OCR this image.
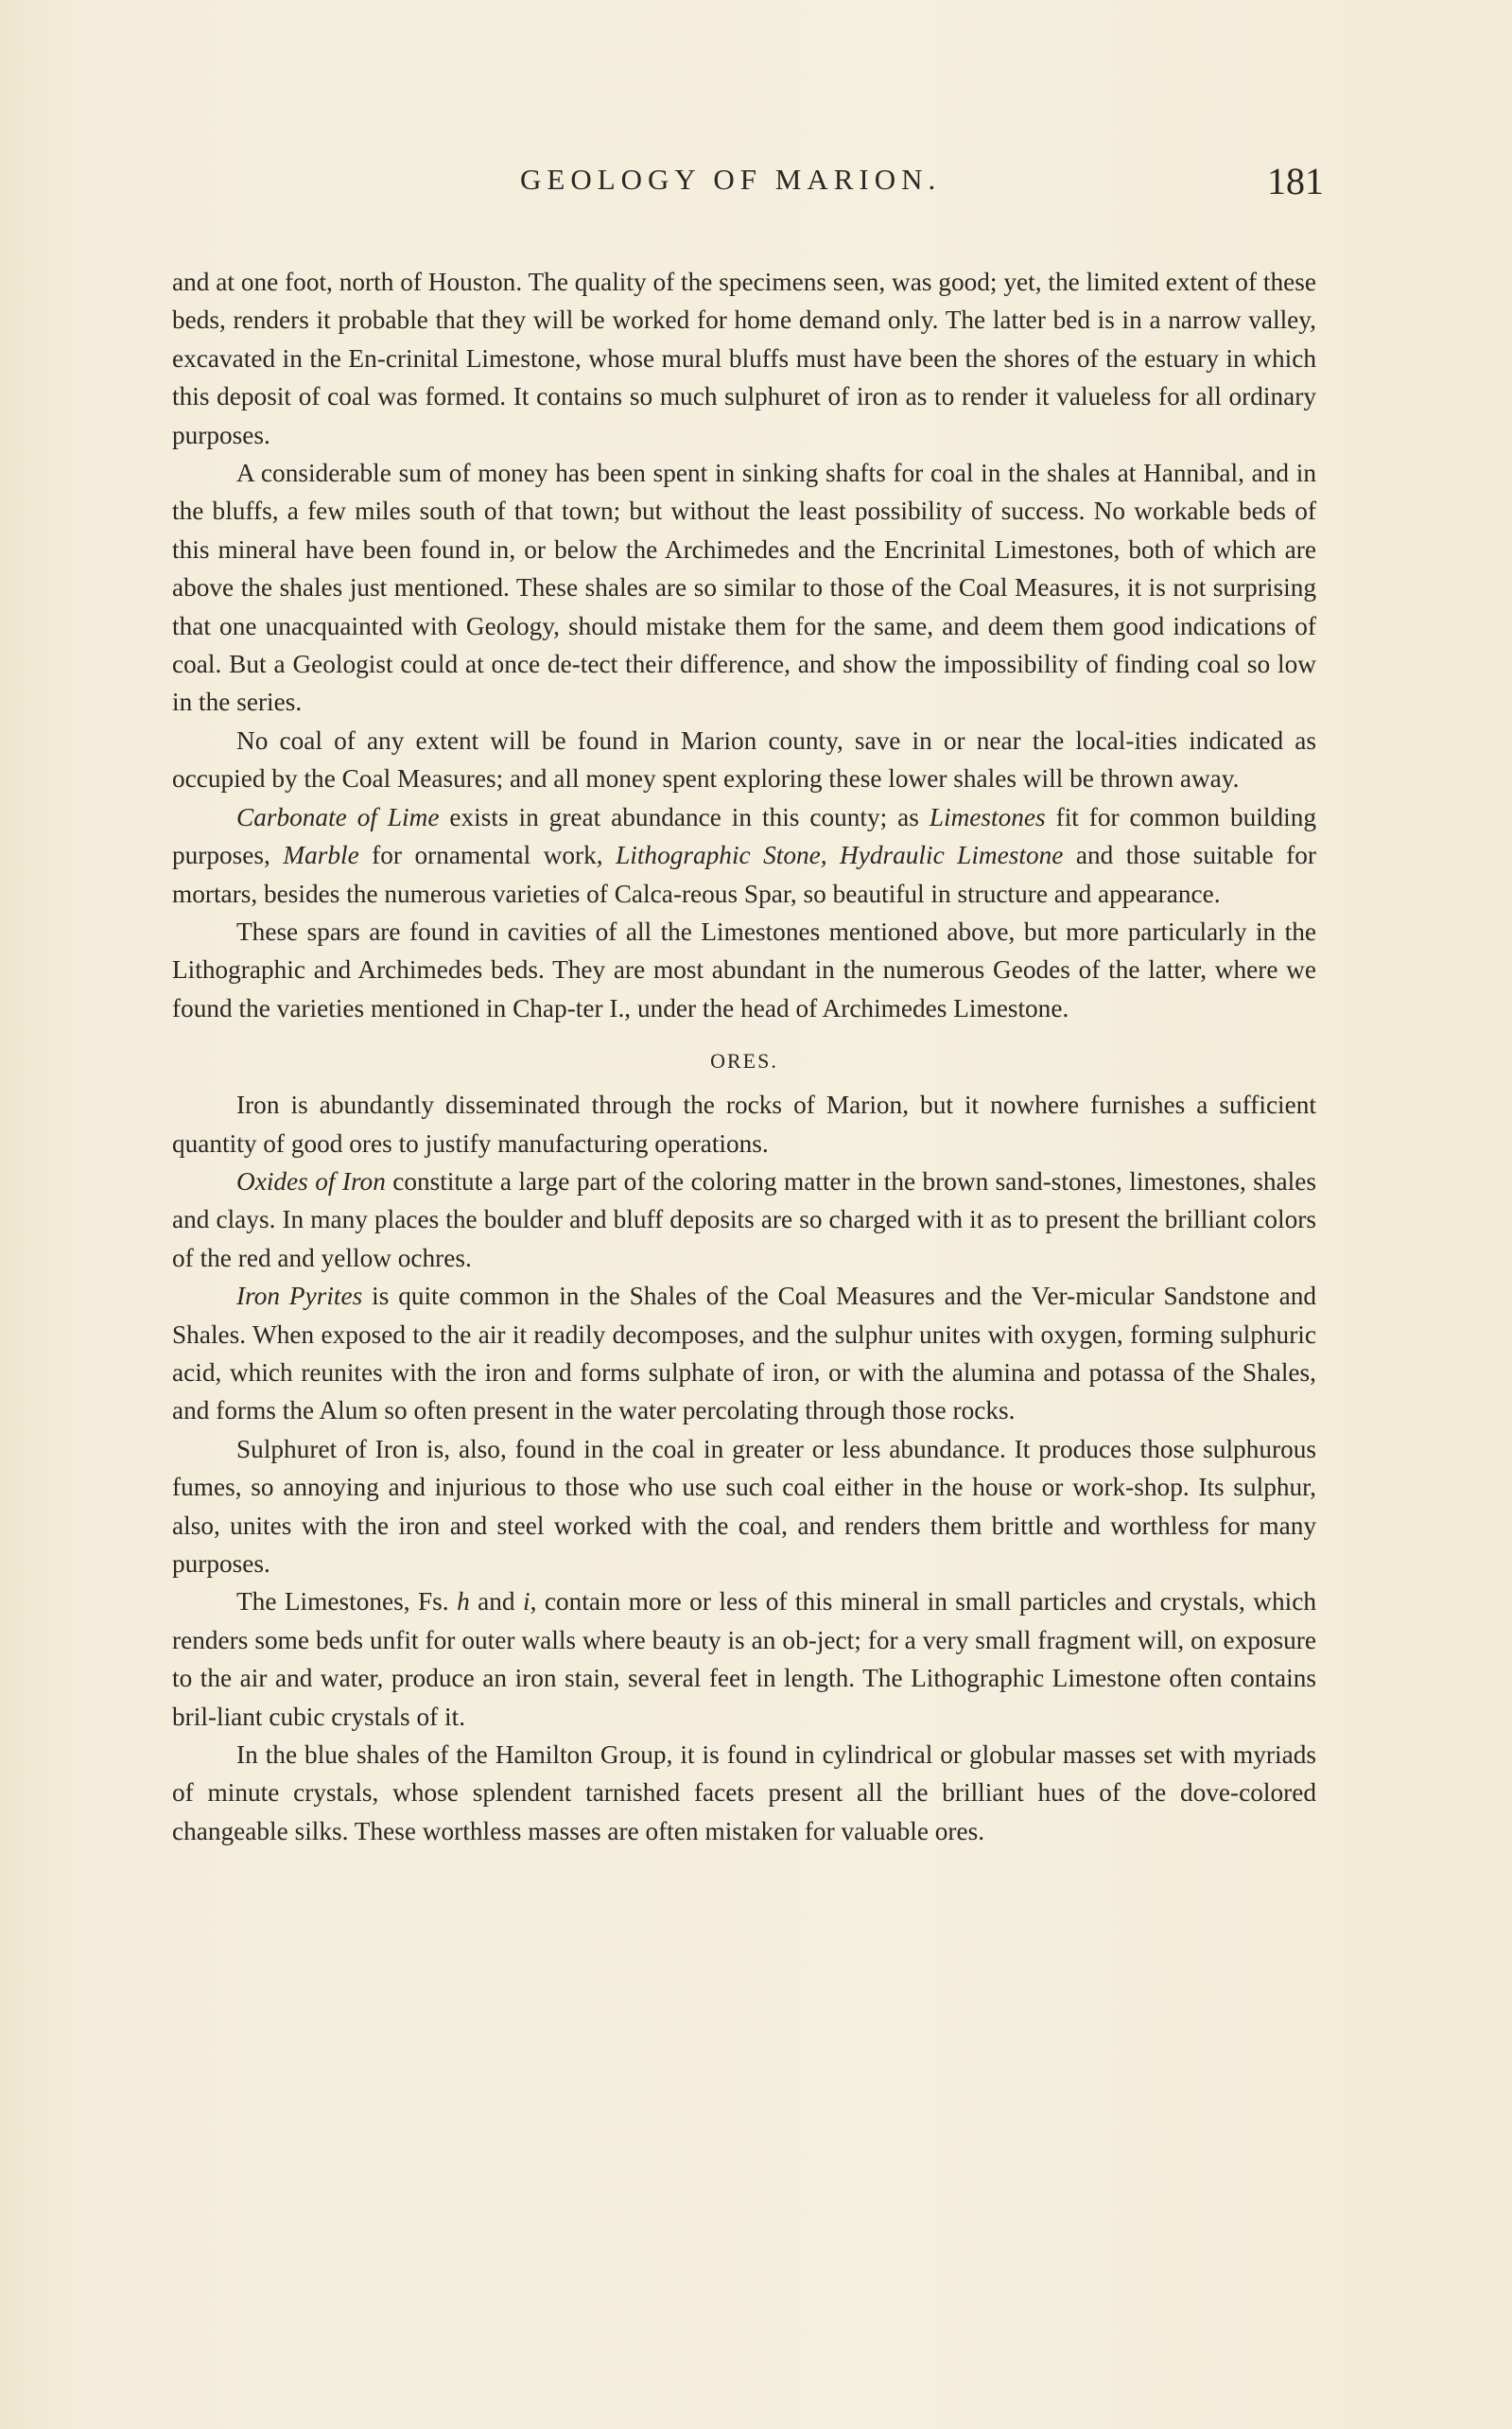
GEOLOGY OF MARION.	181

and at one foot, north of Houston. The quality of the specimens seen, was good; yet, the limited extent of these beds, renders it probable that they will be worked for home demand only. The latter bed is in a narrow valley, excavated in the En-crinital Limestone, whose mural bluffs must have been the shores of the estuary in which this deposit of coal was formed. It contains so much sulphuret of iron as to render it valueless for all ordinary purposes.

A considerable sum of money has been spent in sinking shafts for coal in the shales at Hannibal, and in the bluffs, a few miles south of that town; but without the least possibility of success. No workable beds of this mineral have been found in, or below the Archimedes and the Encrinital Limestones, both of which are above the shales just mentioned. These shales are so similar to those of the Coal Measures, it is not surprising that one unacquainted with Geology, should mistake them for the same, and deem them good indications of coal. But a Geologist could at once de-tect their difference, and show the impossibility of finding coal so low in the series.

No coal of any extent will be found in Marion county, save in or near the local-ities indicated as occupied by the Coal Measures; and all money spent exploring these lower shales will be thrown away.

Carbonate of Lime exists in great abundance in this county; as Limestones fit for common building purposes, Marble for ornamental work, Lithographic Stone, Hydraulic Limestone and those suitable for mortars, besides the numerous varieties of Calca-reous Spar, so beautiful in structure and appearance.

These spars are found in cavities of all the Limestones mentioned above, but more particularly in the Lithographic and Archimedes beds. They are most abundant in the numerous Geodes of the latter, where we found the varieties mentioned in Chap-ter I., under the head of Archimedes Limestone.

ORES.

Iron is abundantly disseminated through the rocks of Marion, but it nowhere furnishes a sufficient quantity of good ores to justify manufacturing operations.

Oxides of Iron constitute a large part of the coloring matter in the brown sand-stones, limestones, shales and clays. In many places the boulder and bluff deposits are so charged with it as to present the brilliant colors of the red and yellow ochres.

Iron Pyrites is quite common in the Shales of the Coal Measures and the Ver-micular Sandstone and Shales. When exposed to the air it readily decomposes, and the sulphur unites with oxygen, forming sulphuric acid, which reunites with the iron and forms sulphate of iron, or with the alumina and potassa of the Shales, and forms the Alum so often present in the water percolating through those rocks.

Sulphuret of Iron is, also, found in the coal in greater or less abundance. It produces those sulphurous fumes, so annoying and injurious to those who use such coal either in the house or work-shop. Its sulphur, also, unites with the iron and steel worked with the coal, and renders them brittle and worthless for many purposes.

The Limestones, Fs. h and i, contain more or less of this mineral in small particles and crystals, which renders some beds unfit for outer walls where beauty is an ob-ject; for a very small fragment will, on exposure to the air and water, produce an iron stain, several feet in length. The Lithographic Limestone often contains bril-liant cubic crystals of it.

In the blue shales of the Hamilton Group, it is found in cylindrical or globular masses set with myriads of minute crystals, whose splendent tarnished facets present all the brilliant hues of the dove-colored changeable silks. These worthless masses are often mistaken for valuable ores.
